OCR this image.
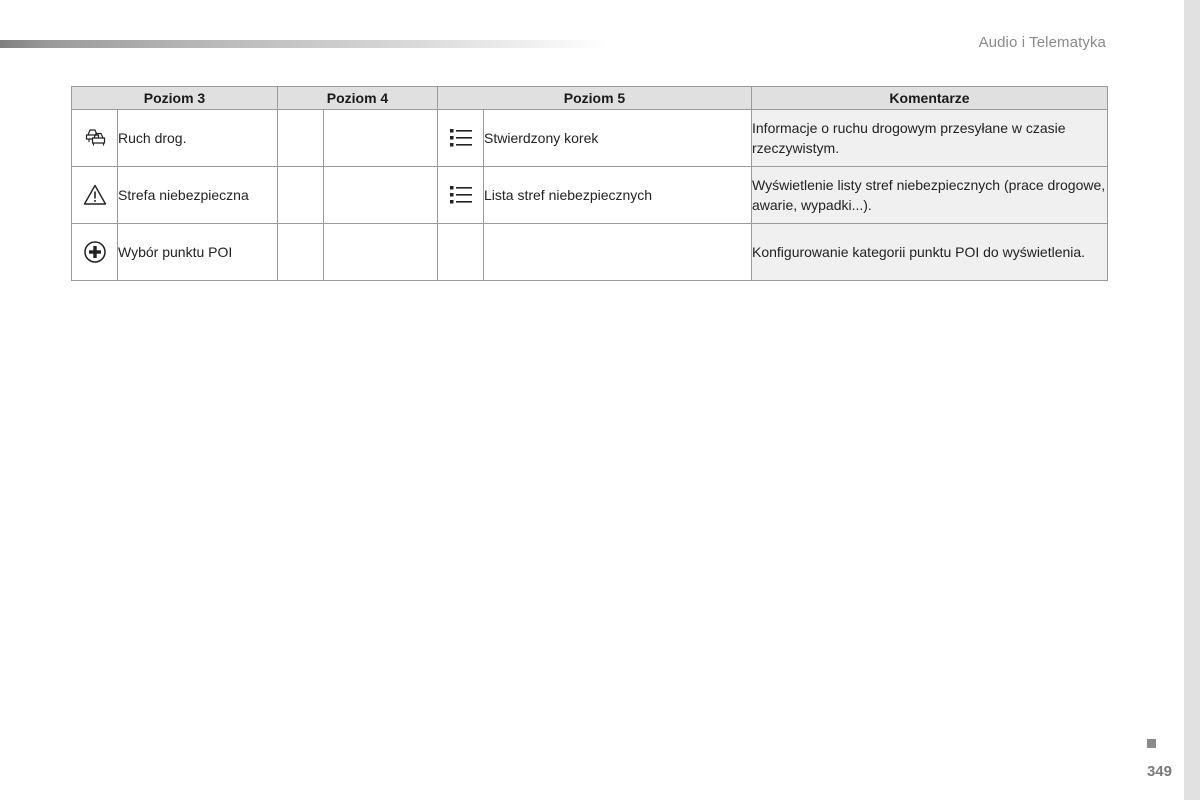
Audio i Telematyka
Poziom 3		Poziom 4		Poziom 5		Komentarze

	Ruch drog.				Stwierdzony korek	Informacje o ruchu drogowym przesyłane w czasie rzeczywistym.

	Strefa niebezpieczna				Lista stref niebezpiecznych	Wyświetlenie listy stref niebezpiecznych (prace drogowe, awarie, wypadki...).

	Wybór punktu POI					Konfigurowanie kategorii punktu POI do wyświetlenia.
349
